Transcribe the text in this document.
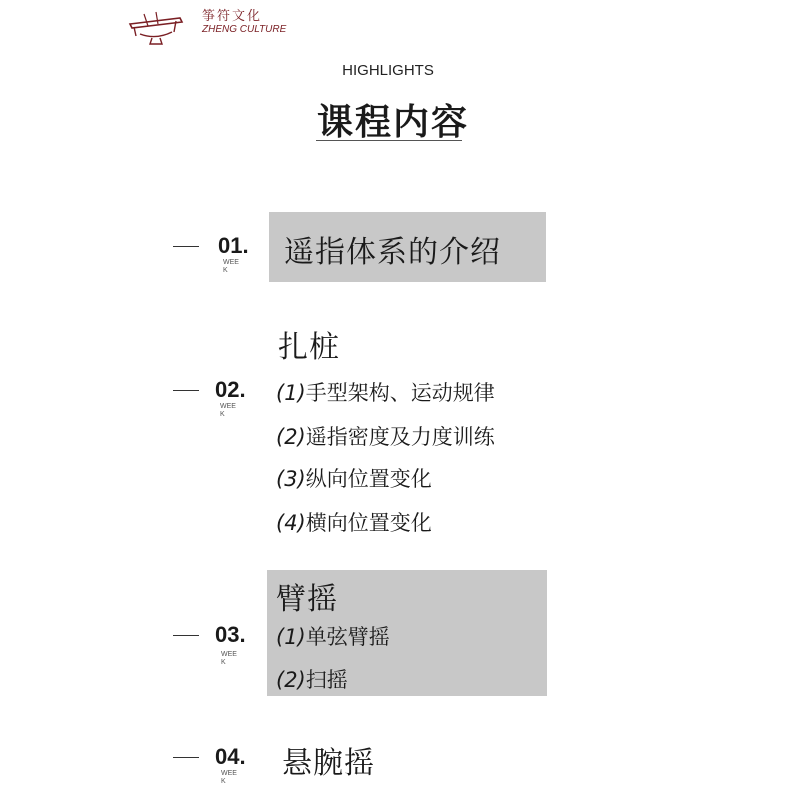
筝符文化
ZHENG CULTURE
HIGHLIGHTS
课程内容
01.
WEE K
遥指体系的介绍
02.
WEE K
扎桩
(1)手型架构、运动规律
(2)遥指密度及力度训练
(3)纵向位置变化
(4)横向位置变化
03.
WEE K
臂摇
(1)单弦臂摇
(2)扫摇
04.
WEE K
悬腕摇
